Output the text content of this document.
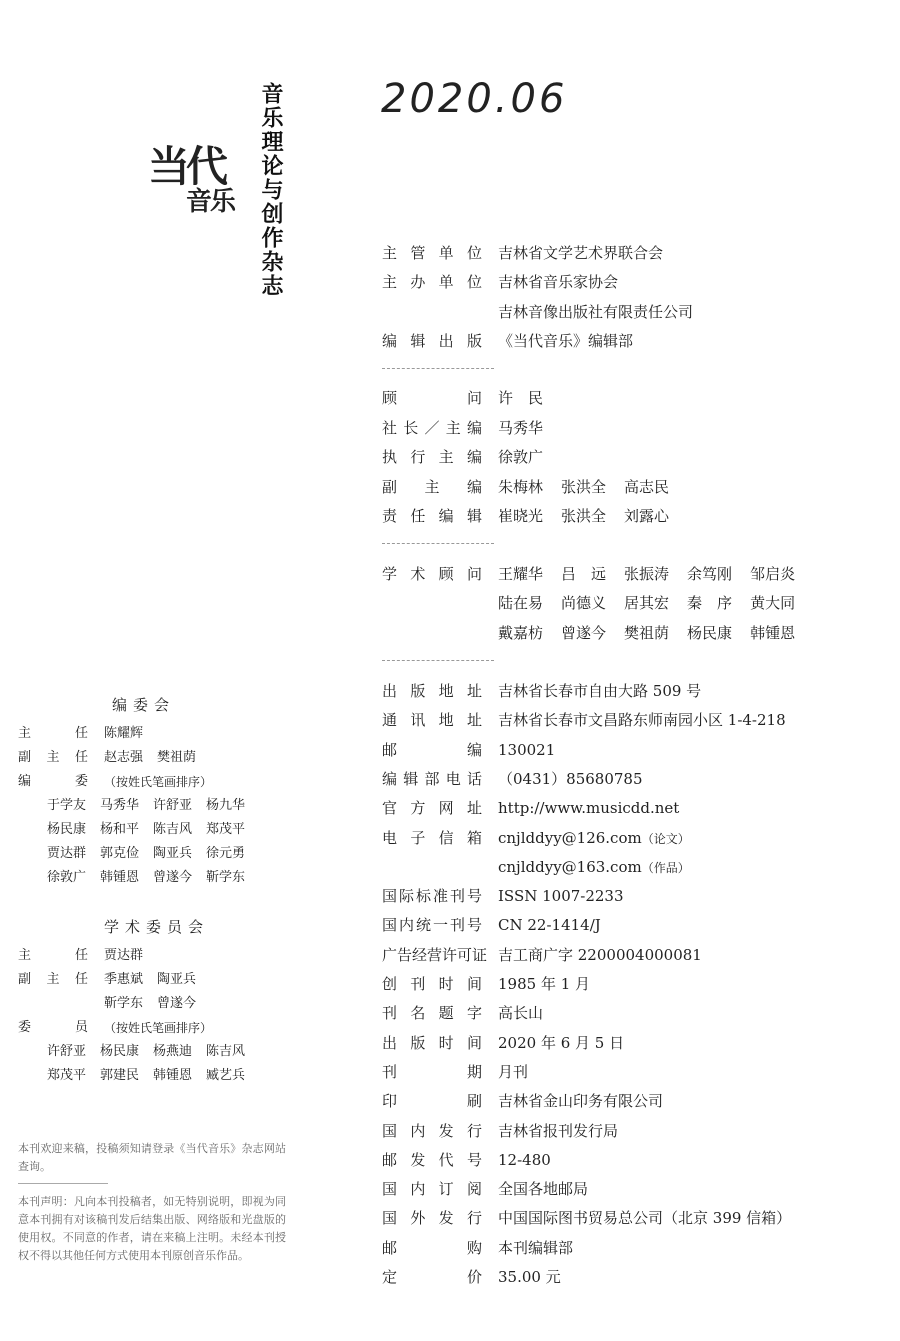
当代
音乐 音乐理论与创作杂志 2020.06
主管单位 吉林省文学艺术界联合会
主办单位 吉林省音乐家协会
吉林音像出版社有限责任公司
编辑出版 《当代音乐》编辑部
顾问 许　民
社长／主编 马秀华
执行主编 徐敦广
副主编 朱梅林 张洪全 高志民
责任编辑 崔晓光 张洪全 刘露心
学术顾问 王耀华 吕　远 张振涛 余笃刚 邹启炎
陆在易 尚德义 居其宏 秦　序 黄大同
戴嘉枋 曾遂今 樊祖荫 杨民康 韩锺恩
出版地址 吉林省长春市自由大路 509 号
通讯地址 吉林省长春市文昌路东师南园小区 1-4-218
邮编 130021
编辑部电话 （0431）85680785
官方网址 http://www.musicdd.net
电子信箱 cnjlddyy@126.com（论文）
cnjlddyy@163.com（作品）
国际标准刊号 ISSN 1007-2233
国内统一刊号 CN 22-1414/J
广告经营许可证 吉工商广字 2200004000081
创刊时间 1985 年 1 月
刊名题字 高长山
出版时间 2020 年 6 月 5 日
刊期 月刊
印刷 吉林省金山印务有限公司
国内发行 吉林省报刊发行局
邮发代号 12-480
国内订阅 全国各地邮局
国外发行 中国国际图书贸易总公司（北京 399 信箱）
邮购 本刊编辑部
定价 35.00 元
编委会
主任 陈耀辉
副主任 赵志强 樊祖荫
编委 （按姓氏笔画排序）
于学友 马秀华 许舒亚 杨九华
杨民康 杨和平 陈吉风 郑茂平
贾达群 郭克俭 陶亚兵 徐元勇
徐敦广 韩锺恩 曾遂今 靳学东
学术委员会
主任 贾达群
副主任 季惠斌 陶亚兵
靳学东 曾遂今
委员 （按姓氏笔画排序）
许舒亚 杨民康 杨燕迪 陈吉风
郑茂平 郭建民 韩锺恩 臧艺兵
本刊欢迎来稿，投稿须知请登录《当代音乐》杂志网站查询。
本刊声明：凡向本刊投稿者，如无特别说明，即视为同意本刊拥有对该稿刊发后结集出版、网络版和光盘版的使用权。不同意的作者，请在来稿上注明。未经本刊授权不得以其他任何方式使用本刊原创音乐作品。
